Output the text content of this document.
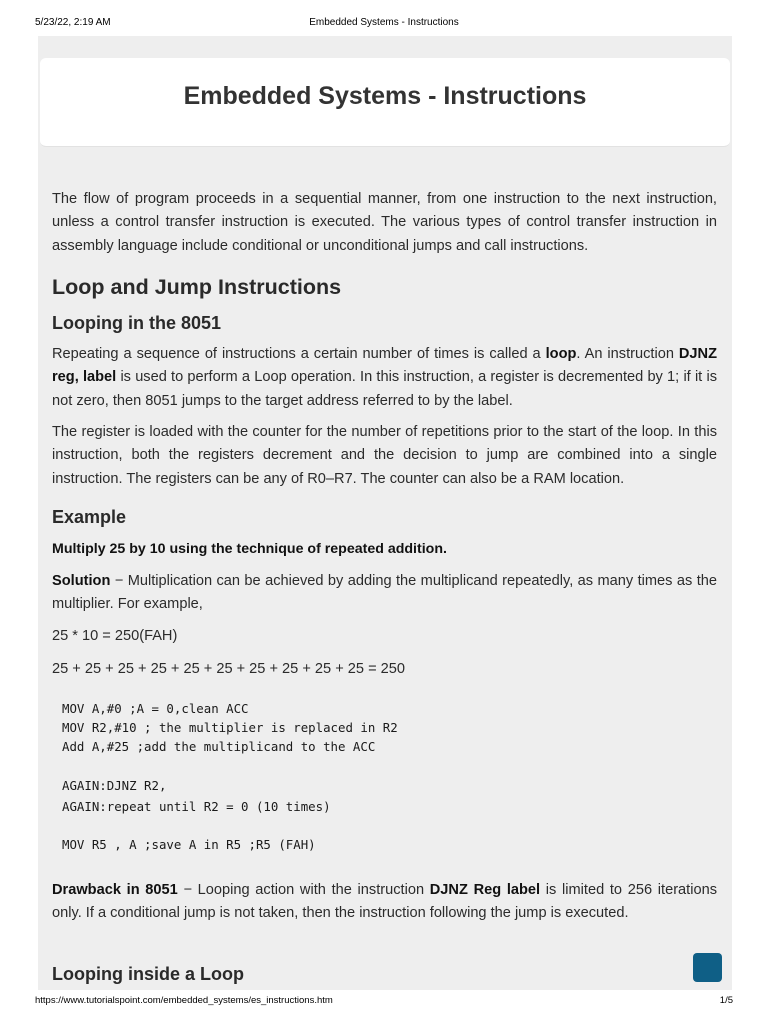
5/23/22, 2:19 AM	Embedded Systems - Instructions
Embedded Systems - Instructions

The flow of program proceeds in a sequential manner, from one instruction to the next instruction, unless a control transfer instruction is executed. The various types of control transfer instruction in assembly language include conditional or unconditional jumps and call instructions.

Loop and Jump Instructions
Looping in the 8051

Repeating a sequence of instructions a certain number of times is called a loop. An instruction DJNZ reg, label is used to perform a Loop operation. In this instruction, a register is decremented by 1; if it is not zero, then 8051 jumps to the target address referred to by the label.

The register is loaded with the counter for the number of repetitions prior to the start of the loop. In this instruction, both the registers decrement and the decision to jump are combined into a single instruction. The registers can be any of R0–R7. The counter can also be a RAM location.

Example

Multiply 25 by 10 using the technique of repeated addition.

Solution − Multiplication can be achieved by adding the multiplicand repeatedly, as many times as the multiplier. For example,

25 * 10 = 250(FAH)

25 + 25 + 25 + 25 + 25 + 25 + 25 + 25 + 25 + 25 = 250

MOV A,#0 ;A = 0,clean ACC

MOV R2,#10 ; the multiplier is replaced in R2

Add A,#25 ;add the multiplicand to the ACC

AGAIN:DJNZ R2,

AGAIN:repeat until R2 = 0 (10 times)

MOV R5 , A ;save A in R5 ;R5 (FAH)

Drawback in 8051 − Looping action with the instruction DJNZ Reg label is limited to 256 iterations only. If a conditional jump is not taken, then the instruction following the jump is executed.

Looping inside a Loop
https://www.tutorialspoint.com/embedded_systems/es_instructions.htm	1/5
